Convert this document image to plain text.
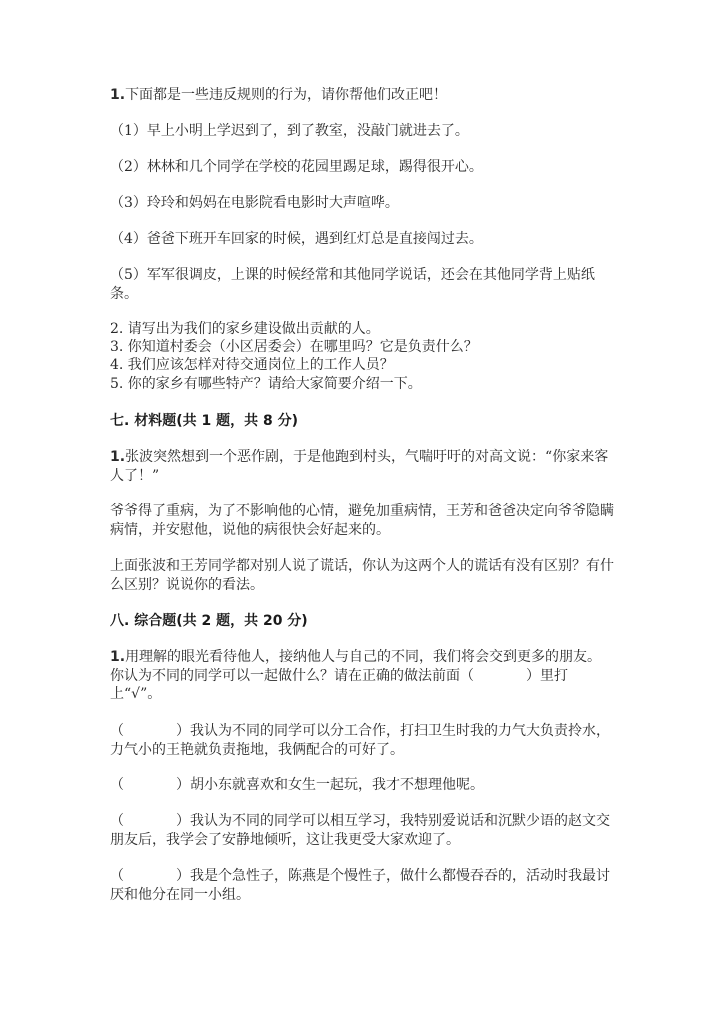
1.下面都是一些违反规则的行为，请你帮他们改正吧！
（1）早上小明上学迟到了，到了教室，没敲门就进去了。
（2）林林和几个同学在学校的花园里踢足球，踢得很开心。
（3）玲玲和妈妈在电影院看电影时大声喧哗。
（4）爸爸下班开车回家的时候，遇到红灯总是直接闯过去。
（5）军军很调皮，上课的时候经常和其他同学说话，还会在其他同学背上贴纸条。
2. 请写出为我们的家乡建设做出贡献的人。
3. 你知道村委会（小区居委会）在哪里吗？它是负责什么？
4. 我们应该怎样对待交通岗位上的工作人员？
5. 你的家乡有哪些特产？请给大家简要介绍一下。
七. 材料题(共 1 题，共 8 分)
1.张波突然想到一个恶作剧，于是他跑到村头，气喘吁吁的对高文说：“你家来客人了！”
爷爷得了重病，为了不影响他的心情，避免加重病情，王芳和爸爸决定向爷爷隐瞒病情，并安慰他，说他的病很快会好起来的。
上面张波和王芳同学都对别人说了谎话，你认为这两个人的谎话有没有区别？有什么区别？说说你的看法。
八. 综合题(共 2 题，共 20 分)
1.用理解的眼光看待他人，接纳他人与自己的不同，我们将会交到更多的朋友。你认为不同的同学可以一起做什么？请在正确的做法前面（	）里打上“√”。
（	）我认为不同的同学可以分工合作，打扫卫生时我的力气大负责拎水，力气小的王艳就负责拖地，我俩配合的可好了。
（	）胡小东就喜欢和女生一起玩，我才不想理他呢。
（	）我认为不同的同学可以相互学习，我特别爱说话和沉默少语的赵文交朋友后，我学会了安静地倾听，这让我更受大家欢迎了。
（	）我是个急性子，陈燕是个慢性子，做什么都慢吞吞的，活动时我最讨厌和他分在同一小组。
